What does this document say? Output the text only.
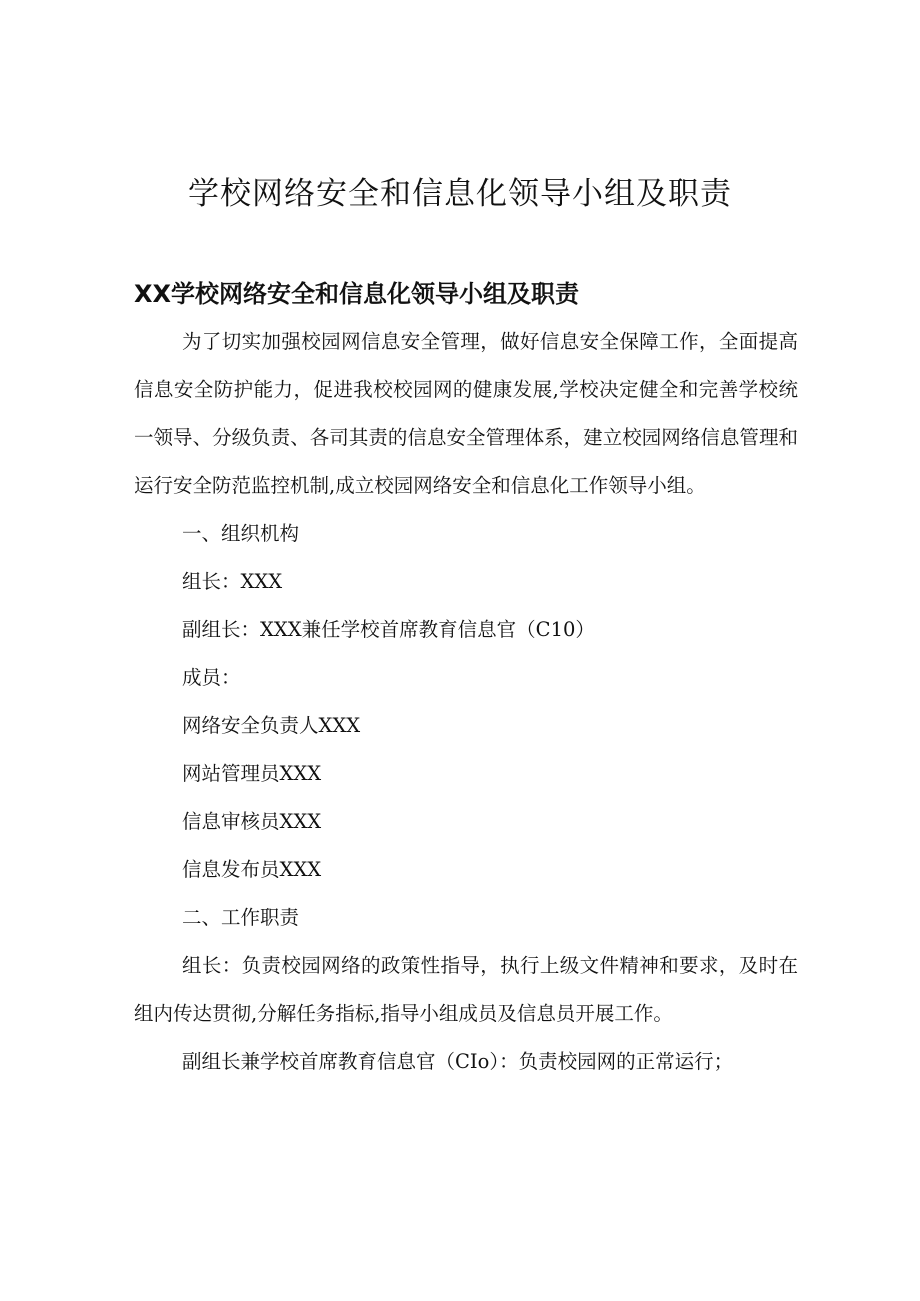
学校网络安全和信息化领导小组及职责
XX学校网络安全和信息化领导小组及职责

为了切实加强校园网信息安全管理，做好信息安全保障工作，全面提高信息安全防护能力，促进我校校园网的健康发展,学校决定健全和完善学校统一领导、分级负责、各司其责的信息安全管理体系，建立校园网络信息管理和运行安全防范监控机制,成立校园网络安全和信息化工作领导小组。

一、组织机构

组长：XXX

副组长：XXX兼任学校首席教育信息官（C10）

成员：

网络安全负责人XXX

网站管理员XXX

信息审核员XXX

信息发布员XXX

二、工作职责

组长：负责校园网络的政策性指导，执行上级文件精神和要求，及时在组内传达贯彻,分解任务指标,指导小组成员及信息员开展工作。

副组长兼学校首席教育信息官（CIo）：负责校园网的正常运行；
